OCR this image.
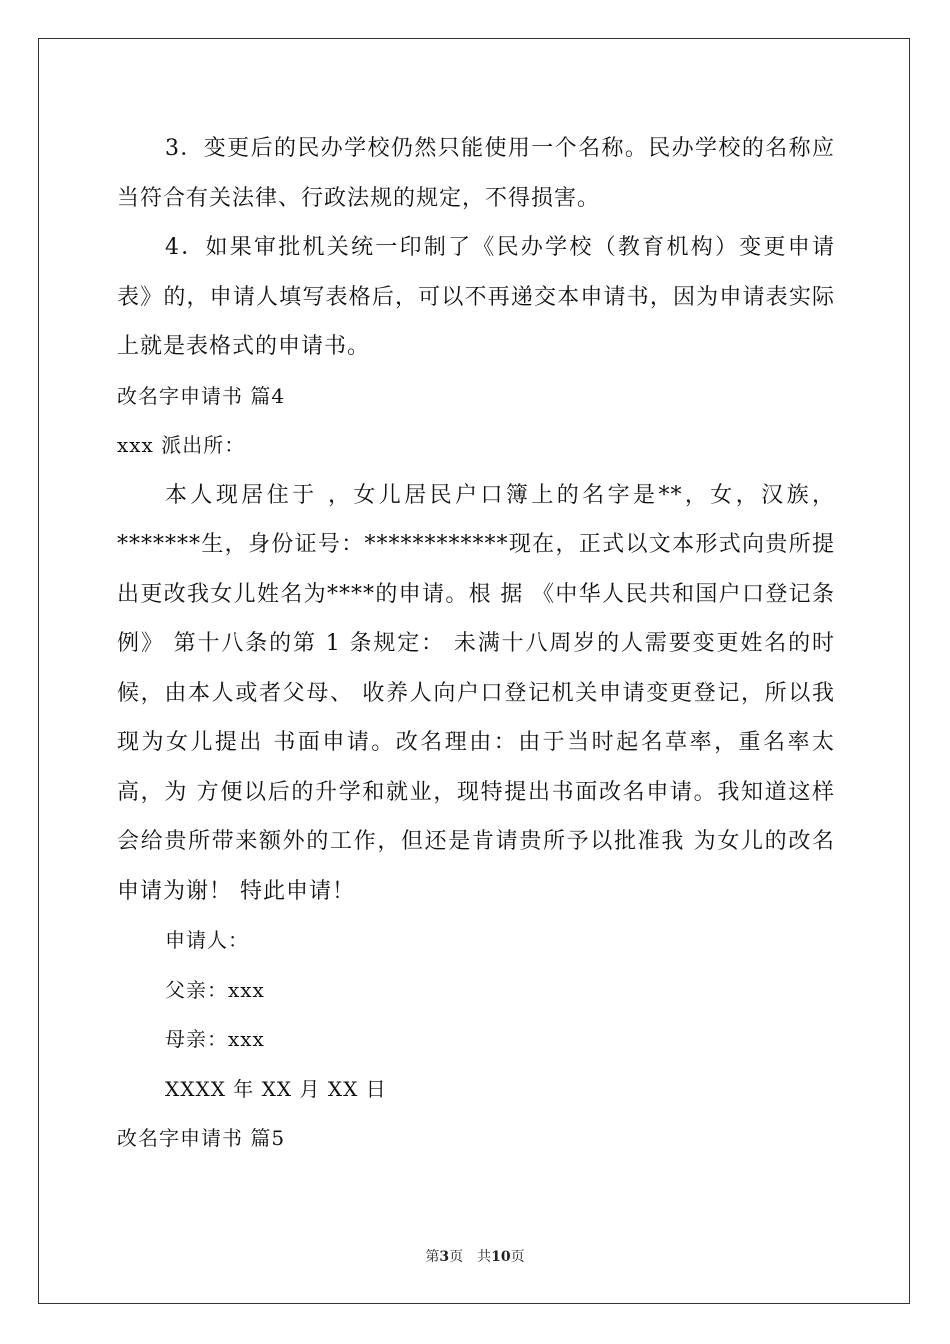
3．变更后的民办学校仍然只能使用一个名称。民办学校的名称应当符合有关法律、行政法规的规定，不得损害。

4．如果审批机关统一印制了《民办学校（教育机构）变更申请表》的，申请人填写表格后，可以不再递交本申请书，因为申请表实际上就是表格式的申请书。

改名字申请书 篇4

xxx 派出所：

本人现居住于 ，女儿居民户口簿上的名字是**，女，汉族，*******生，身份证号：************现在，正式以文本形式向贵所提出更改我女儿姓名为****的申请。根 据 《中华人民共和国户口登记条例》 第十八条的第 1 条规定： 未满十八周岁的人需要变更姓名的时候，由本人或者父母、 收养人向户口登记机关申请变更登记，所以我现为女儿提出 书面申请。改名理由：由于当时起名草率，重名率太高，为 方便以后的升学和就业，现特提出书面改名申请。我知道这样会给贵所带来额外的工作，但还是肯请贵所予以批准我 为女儿的改名申请为谢！ 特此申请！

申请人：

父亲：xxx

母亲：xxx

XXXX 年 XX 月 XX 日

改名字申请书 篇5

第3页　共10页
